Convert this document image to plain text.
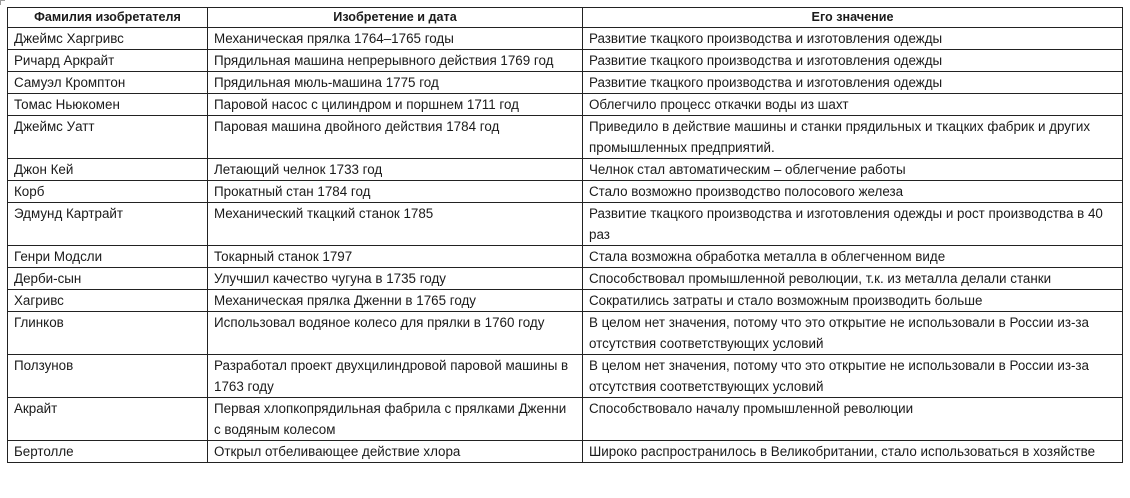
Фамилия изобретателя	Изобретение и дата	Его значение
Джеймс Харгривс	Механическая прялка 1764–1765 годы	Развитие ткацкого производства и изготовления одежды
Ричард Аркрайт	Прядильная машина непрерывного действия 1769 год	Развитие ткацкого производства и изготовления одежды
Самуэл Кромптон	Прядильная мюль-машина 1775 год	Развитие ткацкого производства и изготовления одежды
Томас Ньюкомен	Паровой насос с цилиндром и поршнем 1711 год	Облегчило процесс откачки воды из шахт
Джеймс Уатт	Паровая машина двойного действия 1784 год	Приведило в действие машины и станки прядильных и ткацких фабрик и других промышленных предприятий.
Джон Кей	Летающий челнок 1733 год	Челнок стал автоматическим – облегчение работы
Корб	Прокатный стан 1784 год	Стало возможно производство полосового железа
Эдмунд Картрайт	Механический ткацкий станок 1785	Развитие ткацкого производства и изготовления одежды и рост производства в 40 раз
Генри Модсли	Токарный станок 1797	Стала возможна обработка металла в облегченном виде
Дерби-сын	Улучшил качество чугуна в 1735 году	Способствовал промышленной революции, т.к. из металла делали станки
Хагривс	Механическая прялка Дженни в 1765 году	Сократились затраты и стало возможным производить больше
Глинков	Использовал водяное колесо для прялки в 1760 году	В целом нет значения, потому что это открытие не использовали в России из-за отсутствия соответствующих условий
Ползунов	Разработал проект двухцилиндровой паровой машины в 1763 году	В целом нет значения, потому что это открытие не использовали в России из-за отсутствия соответствующих условий
Акрайт	Первая хлопкопрядильная фабрила с прялками Дженни с водяным колесом	Способствовало началу промышленной революции
Бертолле	Открыл отбеливающее действие хлора	Широко распространилось в Великобритании, стало использоваться в хозяйстве
